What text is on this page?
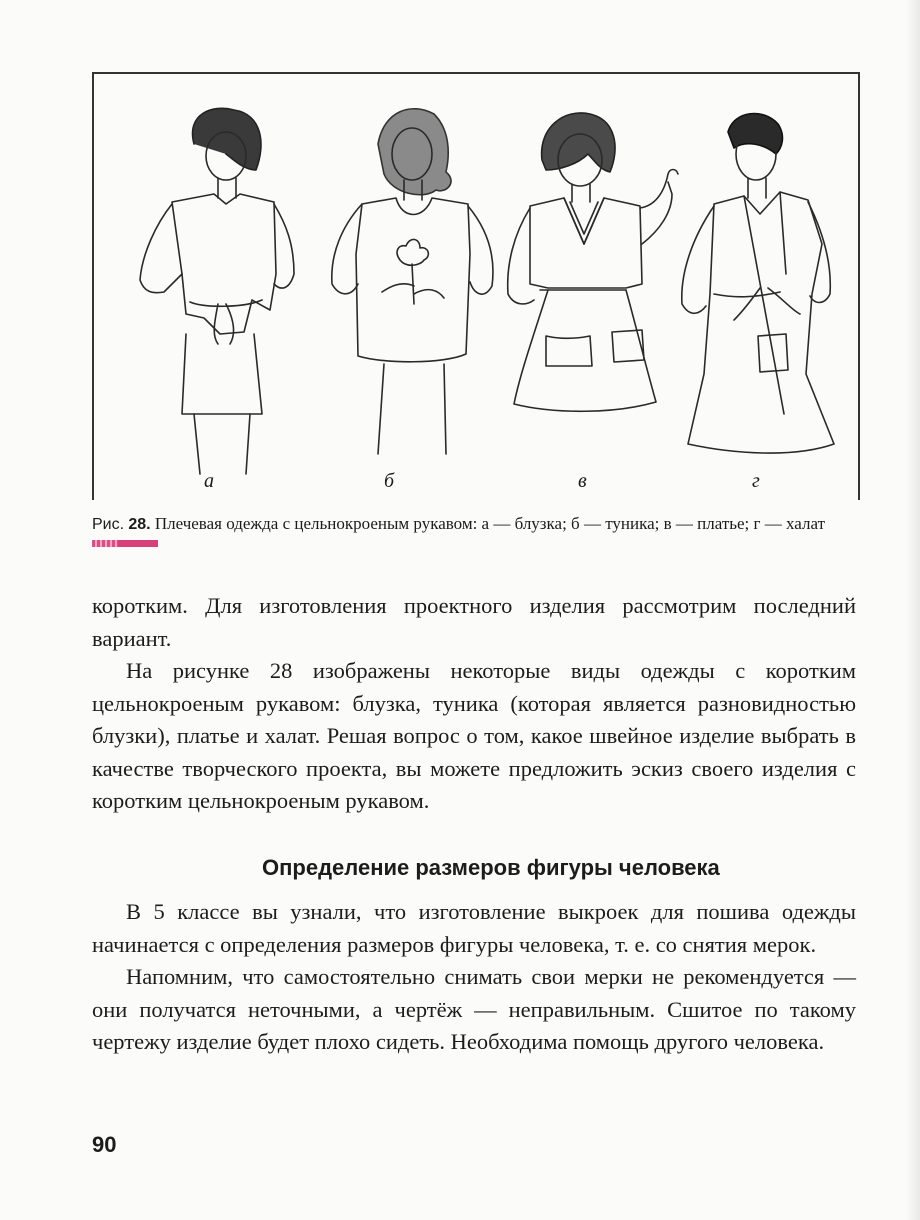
а	б	в	г
Рис. 28. Плечевая одежда с цельнокроеным рукавом: а — блузка; б — туника; в — платье; г — халат

коротким. Для изготовления проектного изделия рассмотрим последний вариант.

На рисунке 28 изображены некоторые виды одежды с коротким цельнокроеным рукавом: блузка, туника (которая является разновидностью блузки), платье и халат. Решая вопрос о том, какое швейное изделие выбрать в качестве творческого проекта, вы можете предложить эскиз своего изделия с коротким цельнокроеным рукавом.

Определение размеров фигуры человека

В 5 классе вы узнали, что изготовление выкроек для пошива одежды начинается с определения размеров фигуры человека, т. е. со снятия мерок.

Напомним, что самостоятельно снимать свои мерки не рекомендуется — они получатся неточными, а чертёж — неправильным. Сшитое по такому чертежу изделие будет плохо сидеть. Необходима помощь другого человека.

90
